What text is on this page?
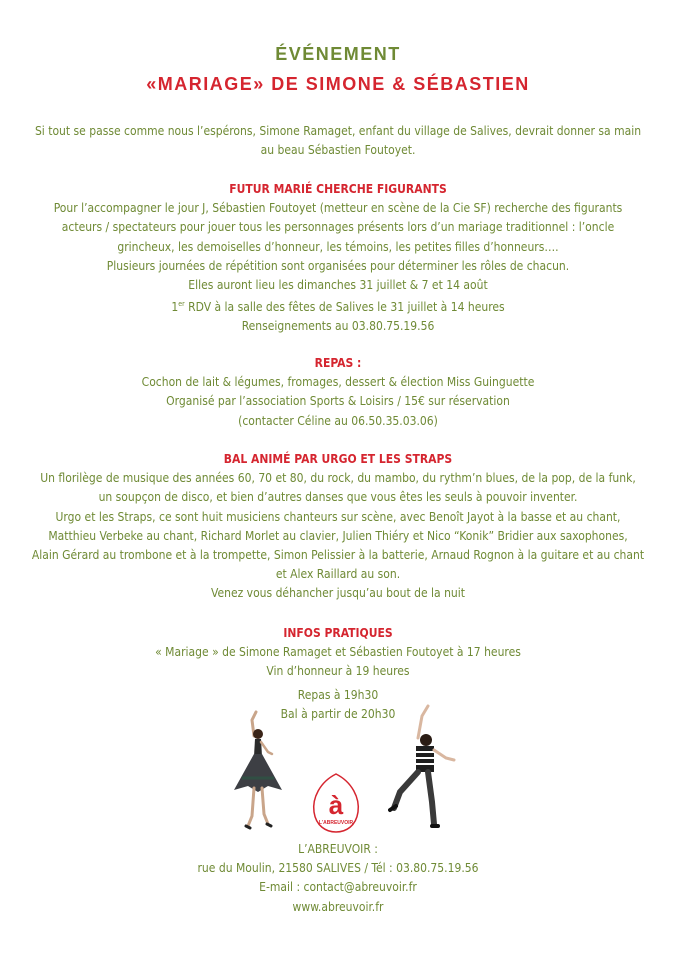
ÉVÉNEMENT
«MARIAGE» DE SIMONE & SÉBASTIEN

Si tout se passe comme nous l’espérons, Simone Ramaget, enfant du village de Salives, devrait donner sa main

au beau Sébastien Foutoyet.

FUTUR MARIÉ CHERCHE FIGURANTS

Pour l’accompagner le jour J, Sébastien Foutoyet (metteur en scène de la Cie SF) recherche des figurants

acteurs / spectateurs pour jouer tous les personnages présents lors d’un mariage traditionnel : l’oncle

grincheux, les demoiselles d’honneur, les témoins, les petites filles d’honneurs….

Plusieurs journées de répétition sont organisées pour déterminer les rôles de chacun.

Elles auront lieu les dimanches 31 juillet & 7 et 14 août

1er RDV à la salle des fêtes de Salives le 31 juillet à 14 heures

Renseignements au 03.80.75.19.56

REPAS :

Cochon de lait & légumes, fromages, dessert & élection Miss Guinguette

Organisé par l’association Sports & Loisirs / 15€ sur réservation

(contacter Céline au 06.50.35.03.06)

BAL ANIMÉ PAR URGO ET LES STRAPS

Un florilège de musique des années 60, 70 et 80, du rock, du mambo, du rythm’n blues, de la pop, de la funk,

un soupçon de disco, et bien d’autres danses que vous êtes les seuls à pouvoir inventer.

Urgo et les Straps, ce sont huit musiciens chanteurs sur scène, avec Benoît Jayot à la basse et au chant,

Matthieu Verbeke au chant, Richard Morlet au clavier, Julien Thiéry et Nico “Konik” Bridier aux saxophones,

Alain Gérard au trombone et à la trompette, Simon Pelissier à la batterie, Arnaud Rognon à la guitare et au chant

et Alex Raillard au son.

Venez vous déhancher jusqu’au bout de la nuit

INFOS PRATIQUES

« Mariage » de Simone Ramaget et Sébastien Foutoyet à 17 heures

Vin d’honneur à 19 heures

Repas à 19h30

Bal à partir de 20h30

à
L'ABREUVOIR

L’ABREUVOIR :

rue du Moulin, 21580 SALIVES / Tél : 03.80.75.19.56

E-mail : contact@abreuvoir.fr

www.abreuvoir.fr
